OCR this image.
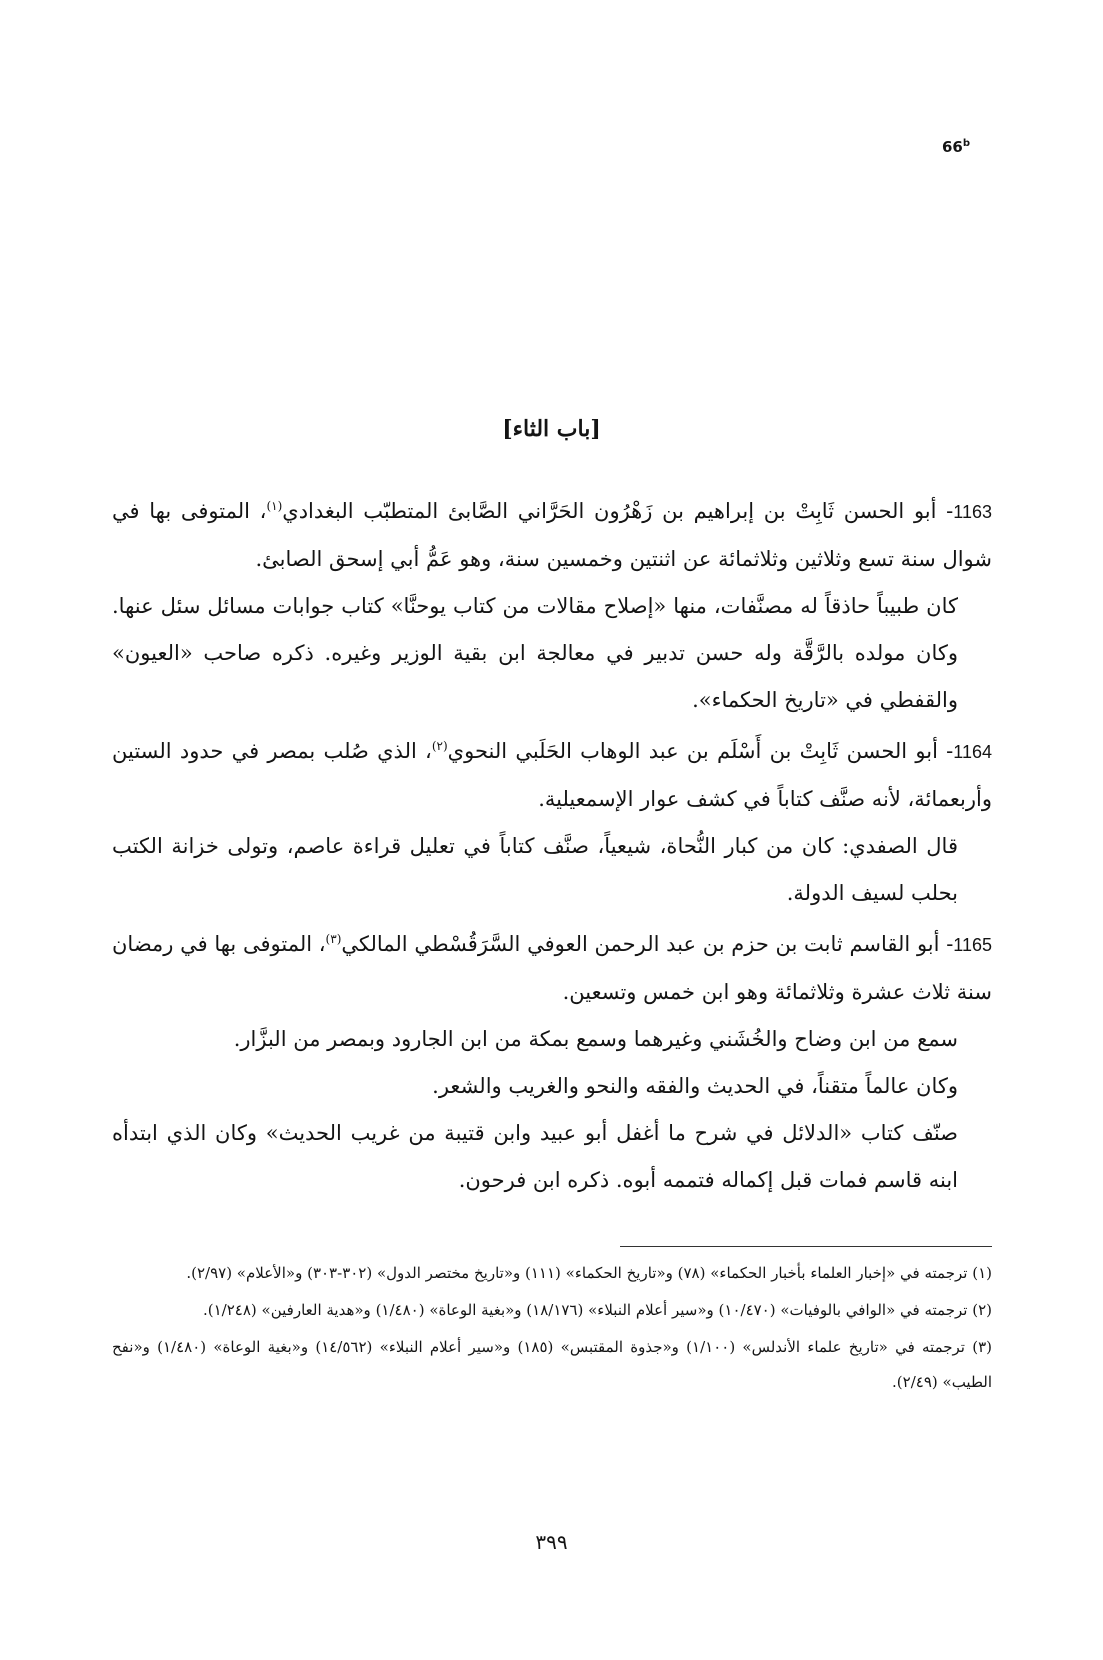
66$^b$
[باب الثاء]

1163- أبو الحسن ثَابِتْ بن إبراهيم بن زَهْرُون الحَرَّاني الصَّابئ المتطبّب البغدادي$^{(١)}$، المتوفى بها في شوال سنة تسع وثلاثين وثلاثمائة عن اثنتين وخمسين سنة، وهو عَمُّ أبي إسحق الصابئ.

كان طبيباً حاذقاً له مصنَّفات، منها «إصلاح مقالات من كتاب يوحنَّا» كتاب جوابات مسائل سئل عنها. وكان مولده بالرَّقَّة وله حسن تدبير في معالجة ابن بقية الوزير وغيره. ذكره صاحب «العيون» والقفطي في «تاريخ الحكماء».

1164- أبو الحسن ثَابِتْ بن أَسْلَم بن عبد الوهاب الحَلَبي النحوي$^{(٢)}$، الذي صُلب بمصر في حدود الستين وأربعمائة، لأنه صنَّف كتاباً في كشف عوار الإسمعيلية.

قال الصفدي: كان من كبار النُّحاة، شيعياً، صنَّف كتاباً في تعليل قراءة عاصم، وتولى خزانة الكتب بحلب لسيف الدولة.

1165- أبو القاسم ثابت بن حزم بن عبد الرحمن العوفي السَّرَقُسْطي المالكي$^{(٣)}$، المتوفى بها في رمضان سنة ثلاث عشرة وثلاثمائة وهو ابن خمس وتسعين.

سمع من ابن وضاح والخُشَني وغيرهما وسمع بمكة من ابن الجارود وبمصر من البزَّار.

وكان عالماً متقناً، في الحديث والفقه والنحو والغريب والشعر.

صنّف كتاب «الدلائل في شرح ما أغفل أبو عبيد وابن قتيبة من غريب الحديث» وكان الذي ابتدأه ابنه قاسم فمات قبل إكماله فتممه أبوه. ذكره ابن فرحون.

(١) ترجمته في «إخبار العلماء بأخبار الحكماء» (٧٨) و«تاريخ الحكماء» (١١١) و«تاريخ مختصر الدول» (٣٠٢-٣٠٣) و«الأعلام» (٢/٩٧).

(٢) ترجمته في «الوافي بالوفيات» (١٠/٤٧٠) و«سير أعلام النبلاء» (١٨/١٧٦) و«بغية الوعاة» (١/٤٨٠) و«هدية العارفين» (١/٢٤٨).

(٣) ترجمته في «تاريخ علماء الأندلس» (١/١٠٠) و«جذوة المقتبس» (١٨٥) و«سير أعلام النبلاء» (١٤/٥٦٢) و«بغية الوعاة» (١/٤٨٠) و«نفح الطيب» (٢/٤٩).

٣٩٩
